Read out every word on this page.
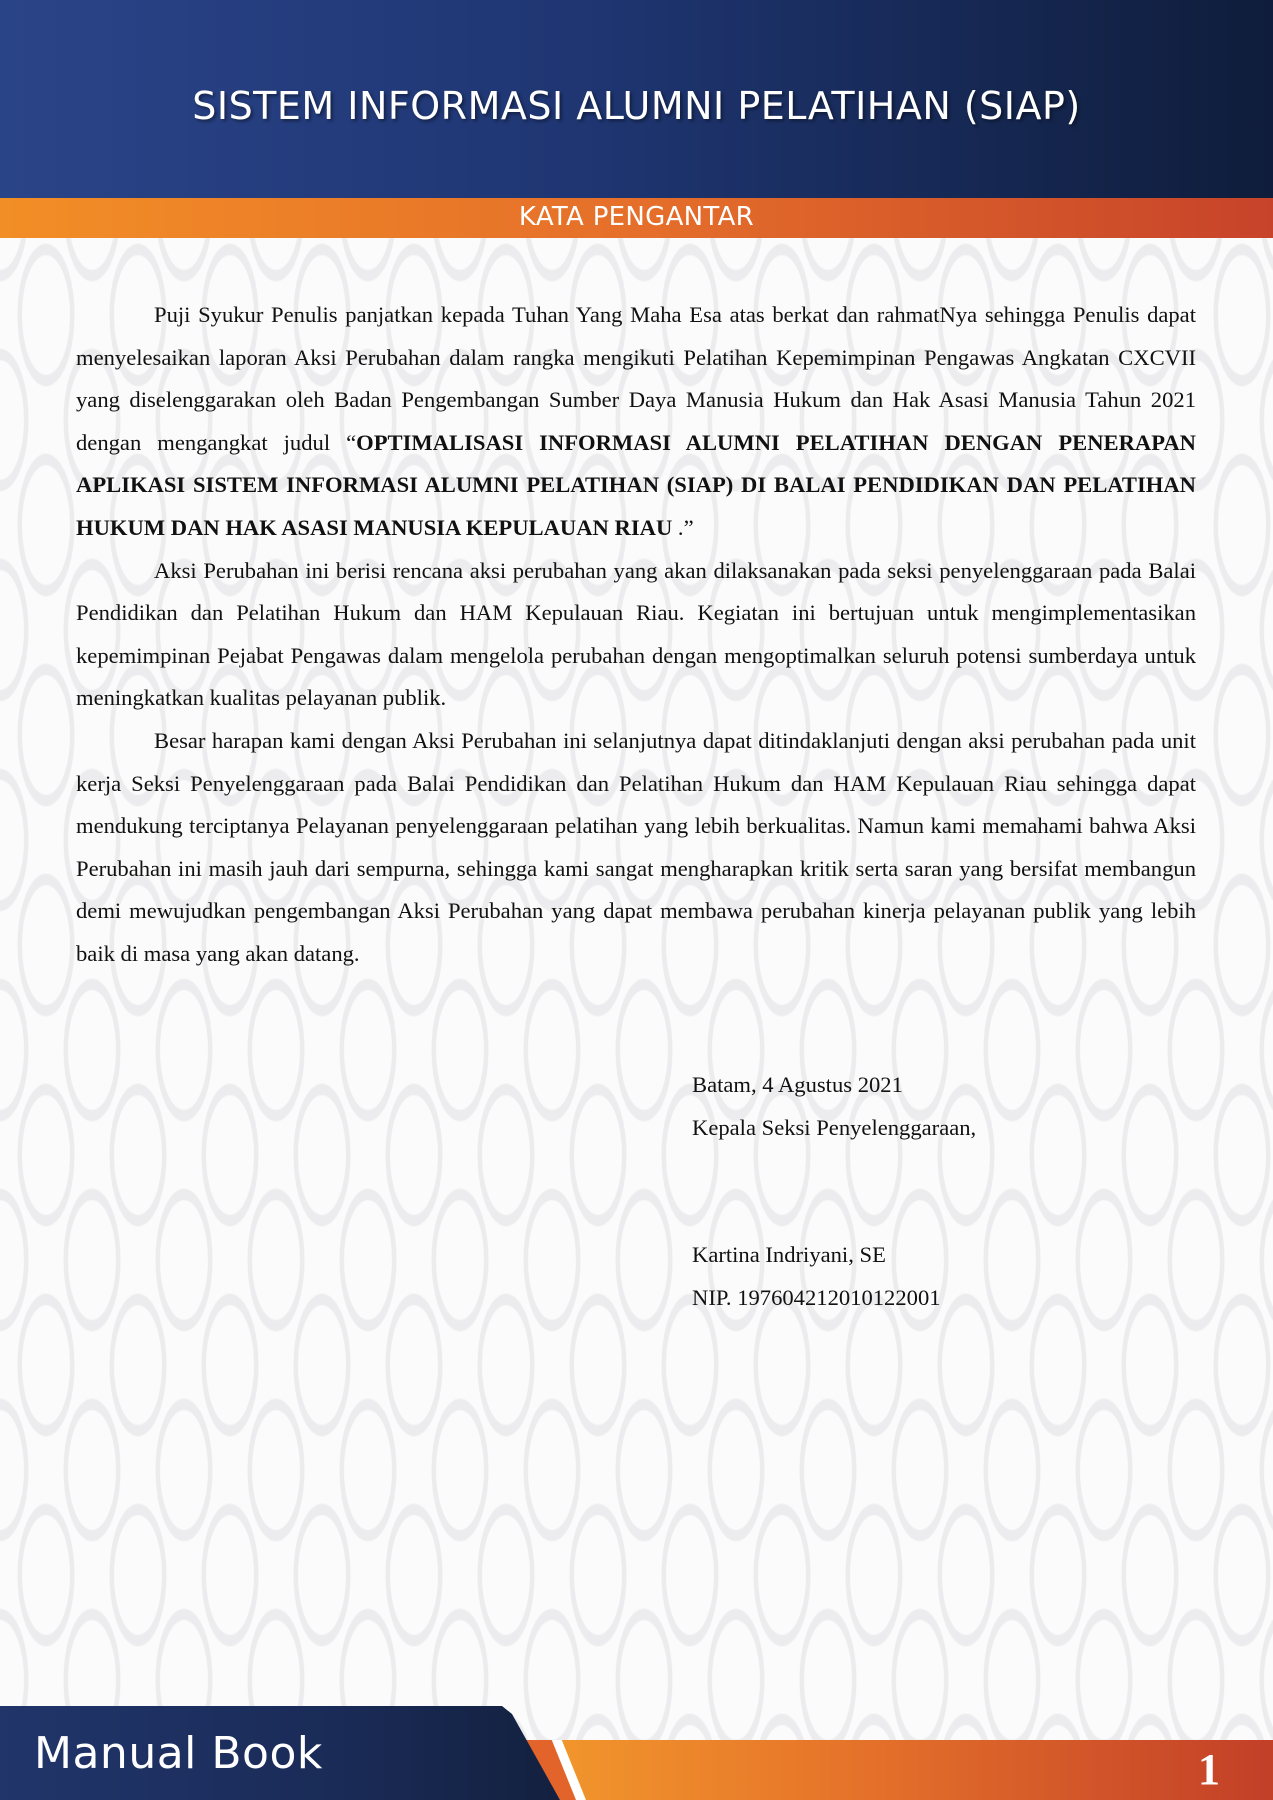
SISTEM INFORMASI ALUMNI PELATIHAN (SIAP)
KATA PENGANTAR

Puji Syukur Penulis panjatkan kepada Tuhan Yang Maha Esa atas berkat dan rahmatNya sehingga Penulis dapat menyelesaikan laporan Aksi Perubahan dalam rangka mengikuti Pelatihan Kepemimpinan Pengawas Angkatan CXCVII yang diselenggarakan oleh Badan Pengembangan Sumber Daya Manusia Hukum dan Hak Asasi Manusia Tahun 2021 dengan mengangkat judul “OPTIMALISASI INFORMASI ALUMNI PELATIHAN DENGAN PENERAPAN APLIKASI SISTEM INFORMASI ALUMNI PELATIHAN (SIAP) DI BALAI PENDIDIKAN DAN PELATIHAN HUKUM DAN HAK ASASI MANUSIA KEPULAUAN RIAU .”

Aksi Perubahan ini berisi rencana aksi perubahan yang akan dilaksanakan pada seksi penyelenggaraan pada Balai Pendidikan dan Pelatihan Hukum dan HAM Kepulauan Riau. Kegiatan ini bertujuan untuk mengimplementasikan kepemimpinan Pejabat Pengawas dalam mengelola perubahan dengan mengoptimalkan seluruh potensi sumberdaya untuk meningkatkan kualitas pelayanan publik.

Besar harapan kami dengan Aksi Perubahan ini selanjutnya dapat ditindaklanjuti dengan aksi perubahan pada unit kerja Seksi Penyelenggaraan pada Balai Pendidikan dan Pelatihan Hukum dan HAM Kepulauan Riau sehingga dapat mendukung terciptanya Pelayanan penyelenggaraan pelatihan yang lebih berkualitas. Namun kami memahami bahwa Aksi Perubahan ini masih jauh dari sempurna, sehingga kami sangat mengharapkan kritik serta saran yang bersifat membangun demi mewujudkan pengembangan Aksi Perubahan yang dapat membawa perubahan kinerja pelayanan publik yang lebih baik di masa yang akan datang.

Batam, 4 Agustus 2021
Kepala Seksi Penyelenggaraan,
Kartina Indriyani, SE
NIP. 197604212010122001
Manual Book	1
